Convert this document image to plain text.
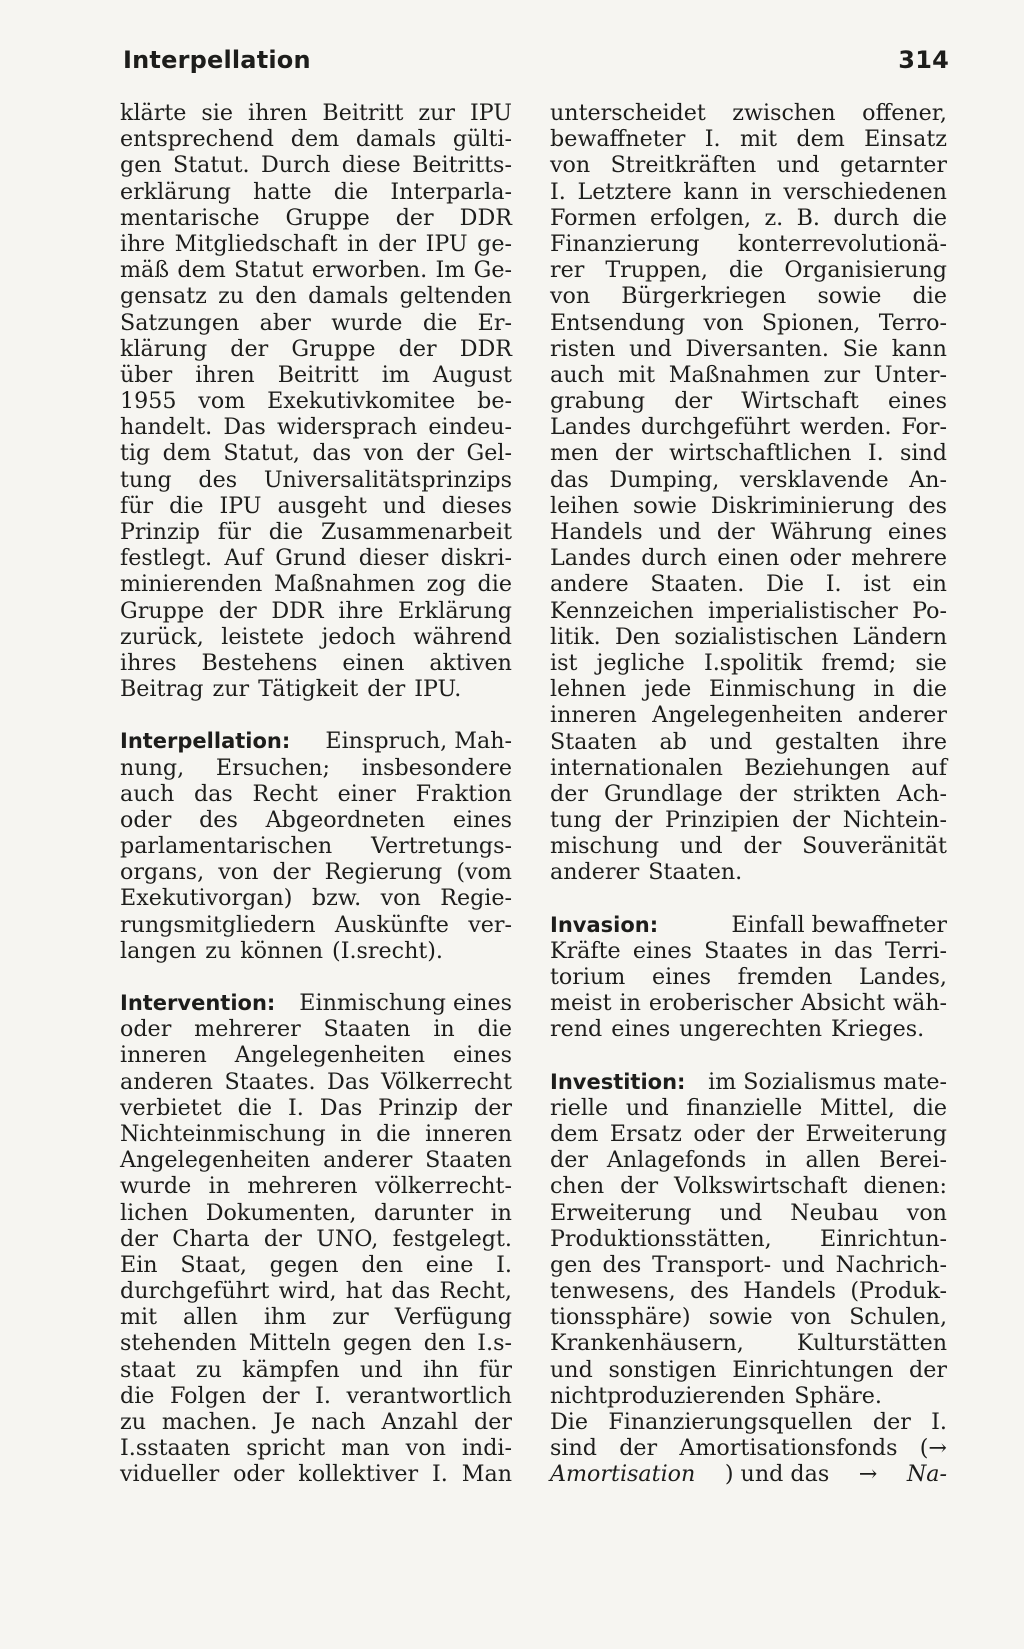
Interpellation	314
klärte sie ihren Beitritt zur IPU
entsprechend dem damals gülti-
gen Statut. Durch diese Beitritts-
erklärung hatte die Interparla-
mentarische Gruppe der DDR
ihre Mitgliedschaft in der IPU ge-
mäß dem Statut erworben. Im Ge-
gensatz zu den damals geltenden
Satzungen aber wurde die Er-
klärung der Gruppe der DDR
über ihren Beitritt im August
1955 vom Exekutivkomitee be-
handelt. Das widersprach eindeu-
tig dem Statut, das von der Gel-
tung des Universalitätsprinzips
für die IPU ausgeht und dieses
Prinzip für die Zusammenarbeit
festlegt. Auf Grund dieser diskri-
minierenden Maßnahmen zog die
Gruppe der DDR ihre Erklärung
zurück, leistete jedoch während
ihres Bestehens einen aktiven
Beitrag zur Tätigkeit der IPU.
Interpellation: Einspruch, Mah-
nung, Ersuchen; insbesondere
auch das Recht einer Fraktion
oder des Abgeordneten eines
parlamentarischen Vertretungs-
organs, von der Regierung (vom
Exekutivorgan) bzw. von Regie-
rungsmitgliedern Auskünfte ver-
langen zu können (I.srecht).
Intervention: Einmischung eines
oder mehrerer Staaten in die
inneren Angelegenheiten eines
anderen Staates. Das Völkerrecht
verbietet die I. Das Prinzip der
Nichteinmischung in die inneren
Angelegenheiten anderer Staaten
wurde in mehreren völkerrecht-
lichen Dokumenten, darunter in
der Charta der UNO, festgelegt.
Ein Staat, gegen den eine I.
durchgeführt wird, hat das Recht,
mit allen ihm zur Verfügung
stehenden Mitteln gegen den I.s-
staat zu kämpfen und ihn für
die Folgen der I. verantwortlich
zu machen. Je nach Anzahl der
I.sstaaten spricht man von indi-
vidueller oder kollektiver I. Man
unterscheidet zwischen offener,
bewaffneter I. mit dem Einsatz
von Streitkräften und getarnter
I. Letztere kann in verschiedenen
Formen erfolgen, z. B. durch die
Finanzierung konterrevolutionä-
rer Truppen, die Organisierung
von Bürgerkriegen sowie die
Entsendung von Spionen, Terro-
risten und Diversanten. Sie kann
auch mit Maßnahmen zur Unter-
grabung der Wirtschaft eines
Landes durchgeführt werden. For-
men der wirtschaftlichen I. sind
das Dumping, versklavende An-
leihen sowie Diskriminierung des
Handels und der Währung eines
Landes durch einen oder mehrere
andere Staaten. Die I. ist ein
Kennzeichen imperialistischer Po-
litik. Den sozialistischen Ländern
ist jegliche I.spolitik fremd; sie
lehnen jede Einmischung in die
inneren Angelegenheiten anderer
Staaten ab und gestalten ihre
internationalen Beziehungen auf
der Grundlage der strikten Ach-
tung der Prinzipien der Nichtein-
mischung und der Souveränität
anderer Staaten.
Invasion:	Einfall bewaffneter
Kräfte eines Staates in das Terri-
torium eines fremden Landes,
meist in eroberischer Absicht wäh-
rend eines ungerechten Krieges.
Investition: im Sozialismus mate-
rielle und finanzielle Mittel, die
dem Ersatz oder der Erweiterung
der Anlagefonds in allen Berei-
chen der Volkswirtschaft dienen:
Erweiterung und Neubau von
Produktionsstätten, Einrichtun-
gen des Transport- und Nachrich-
tenwesens, des Handels (Produk-
tionssphäre) sowie von Schulen,
Krankenhäusern, Kulturstätten
und sonstigen Einrichtungen der
nichtproduzierenden Sphäre.
Die Finanzierungsquellen der I.
sind der Amortisationsfonds (→
Amortisation ) und das → Na-
